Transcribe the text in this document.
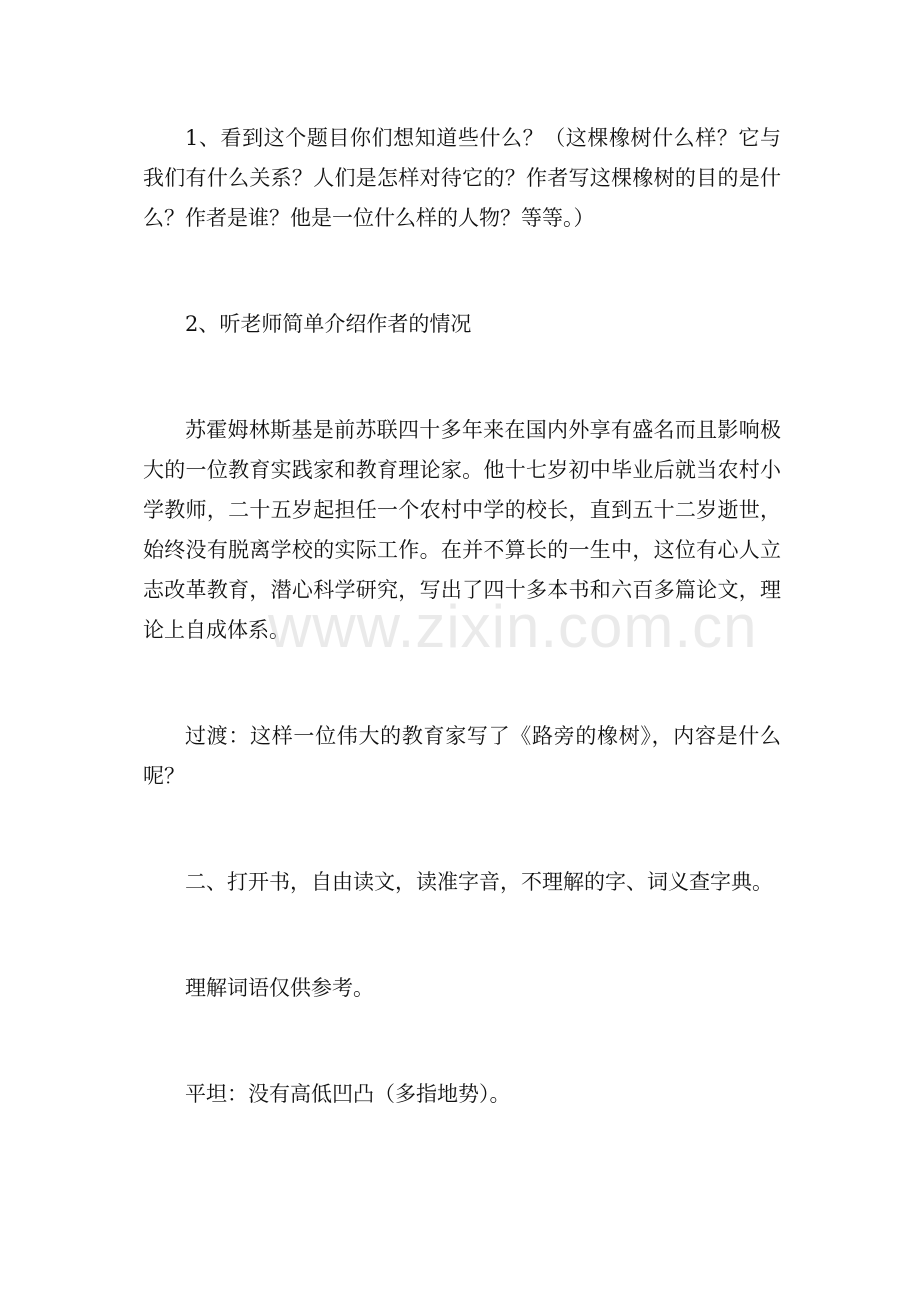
1、看到这个题目你们想知道些什么？（这棵橡树什么样？它与我们有什么关系？人们是怎样对待它的？作者写这棵橡树的目的是什么？作者是谁？他是一位什么样的人物？等等。）

2、听老师简单介绍作者的情况

苏霍姆林斯基是前苏联四十多年来在国内外享有盛名而且影响极大的一位教育实践家和教育理论家。他十七岁初中毕业后就当农村小学教师，二十五岁起担任一个农村中学的校长，直到五十二岁逝世，始终没有脱离学校的实际工作。在并不算长的一生中，这位有心人立志改革教育，潜心科学研究，写出了四十多本书和六百多篇论文，理论上自成体系。

过渡：这样一位伟大的教育家写了《路旁的橡树》，内容是什么呢？

二、打开书，自由读文，读准字音，不理解的字、词义查字典。

理解词语仅供参考。

平坦：没有高低凹凸（多指地势）。

www.zixin.com.cn
